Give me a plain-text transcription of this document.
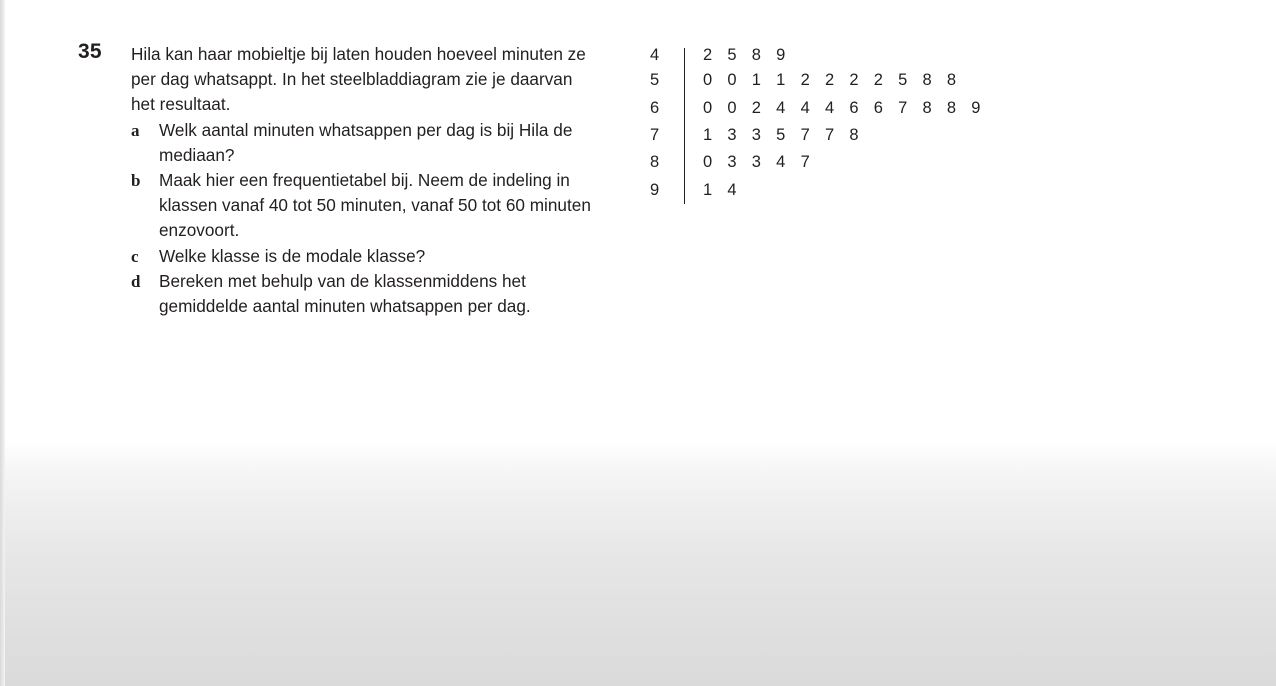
35 Hila kan haar mobieltje bij laten houden hoeveel minuten ze
per dag whatsappt. In het steelbladdiagram zie je daarvan
het resultaat.
a Welk aantal minuten whatsappen per dag is bij Hila de
mediaan?
b Maak hier een frequentietabel bij. Neem de indeling in
klassen vanaf 40 tot 50 minuten, vanaf 50 tot 60 minuten
enzovoort.
c Welke klasse is de modale klasse?
d Bereken met behulp van de klassenmiddens het
gemiddelde aantal minuten whatsappen per dag.
4	2 5 8 9
5	0 0 1 1 2 2 2 2 5 8 8
6	0 0 2 4 4 4 6 6 7 8 8 9
7	1 3 3 5 7 7 8
8	0 3 3 4 7
9	1 4
